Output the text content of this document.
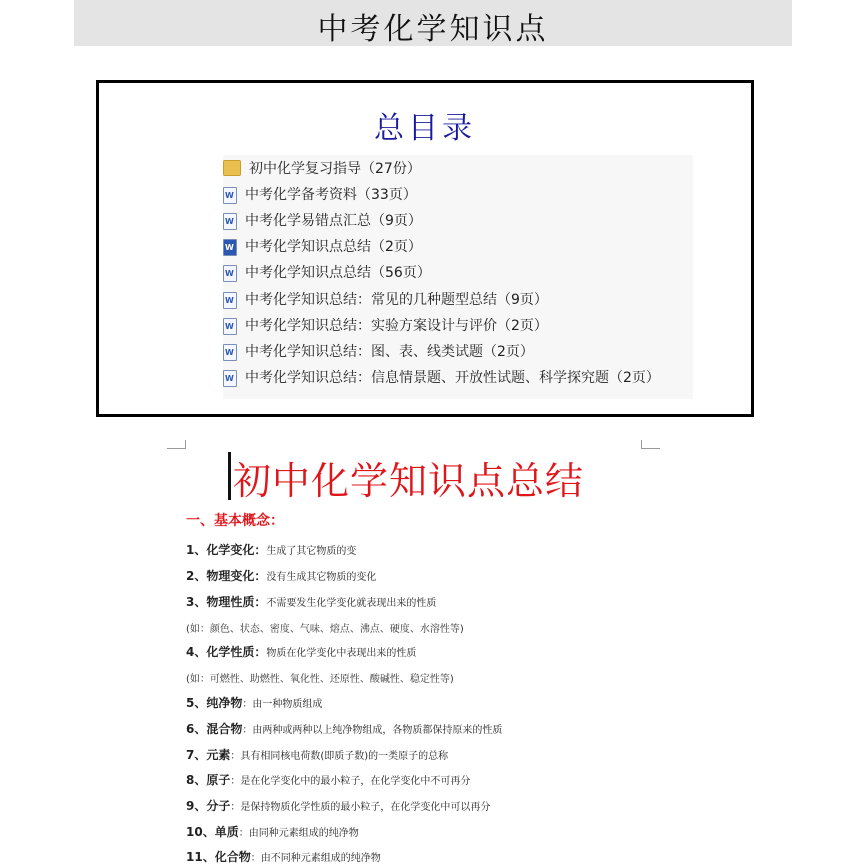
中考化学知识点
总目录
初中化学复习指导（27份）
W中考化学备考资料（33页）
W中考化学易错点汇总（9页）
W中考化学知识点总结（2页）
W中考化学知识点总结（56页）
W中考化学知识总结：常见的几种题型总结（9页）
W中考化学知识总结：实验方案设计与评价（2页）
W中考化学知识总结：图、表、线类试题（2页）
W中考化学知识总结：信息情景题、开放性试题、科学探究题（2页）
初中化学知识点总结
一、基本概念：
1、化学变化：生成了其它物质的变
2、物理变化：没有生成其它物质的变化
3、物理性质：不需要发生化学变化就表现出来的性质
(如：颜色、状态、密度、气味、熔点、沸点、硬度、水溶性等)
4、化学性质：物质在化学变化中表现出来的性质
(如：可燃性、助燃性、氧化性、还原性、酸碱性、稳定性等)
5、纯净物：由一种物质组成
6、混合物：由两种或两种以上纯净物组成，各物质都保持原来的性质
7、元素：具有相同核电荷数(即质子数)的一类原子的总称
8、原子：是在化学变化中的最小粒子，在化学变化中不可再分
9、分子：是保持物质化学性质的最小粒子，在化学变化中可以再分
10、单质：由同种元素组成的纯净物
11、化合物：由不同种元素组成的纯净物
